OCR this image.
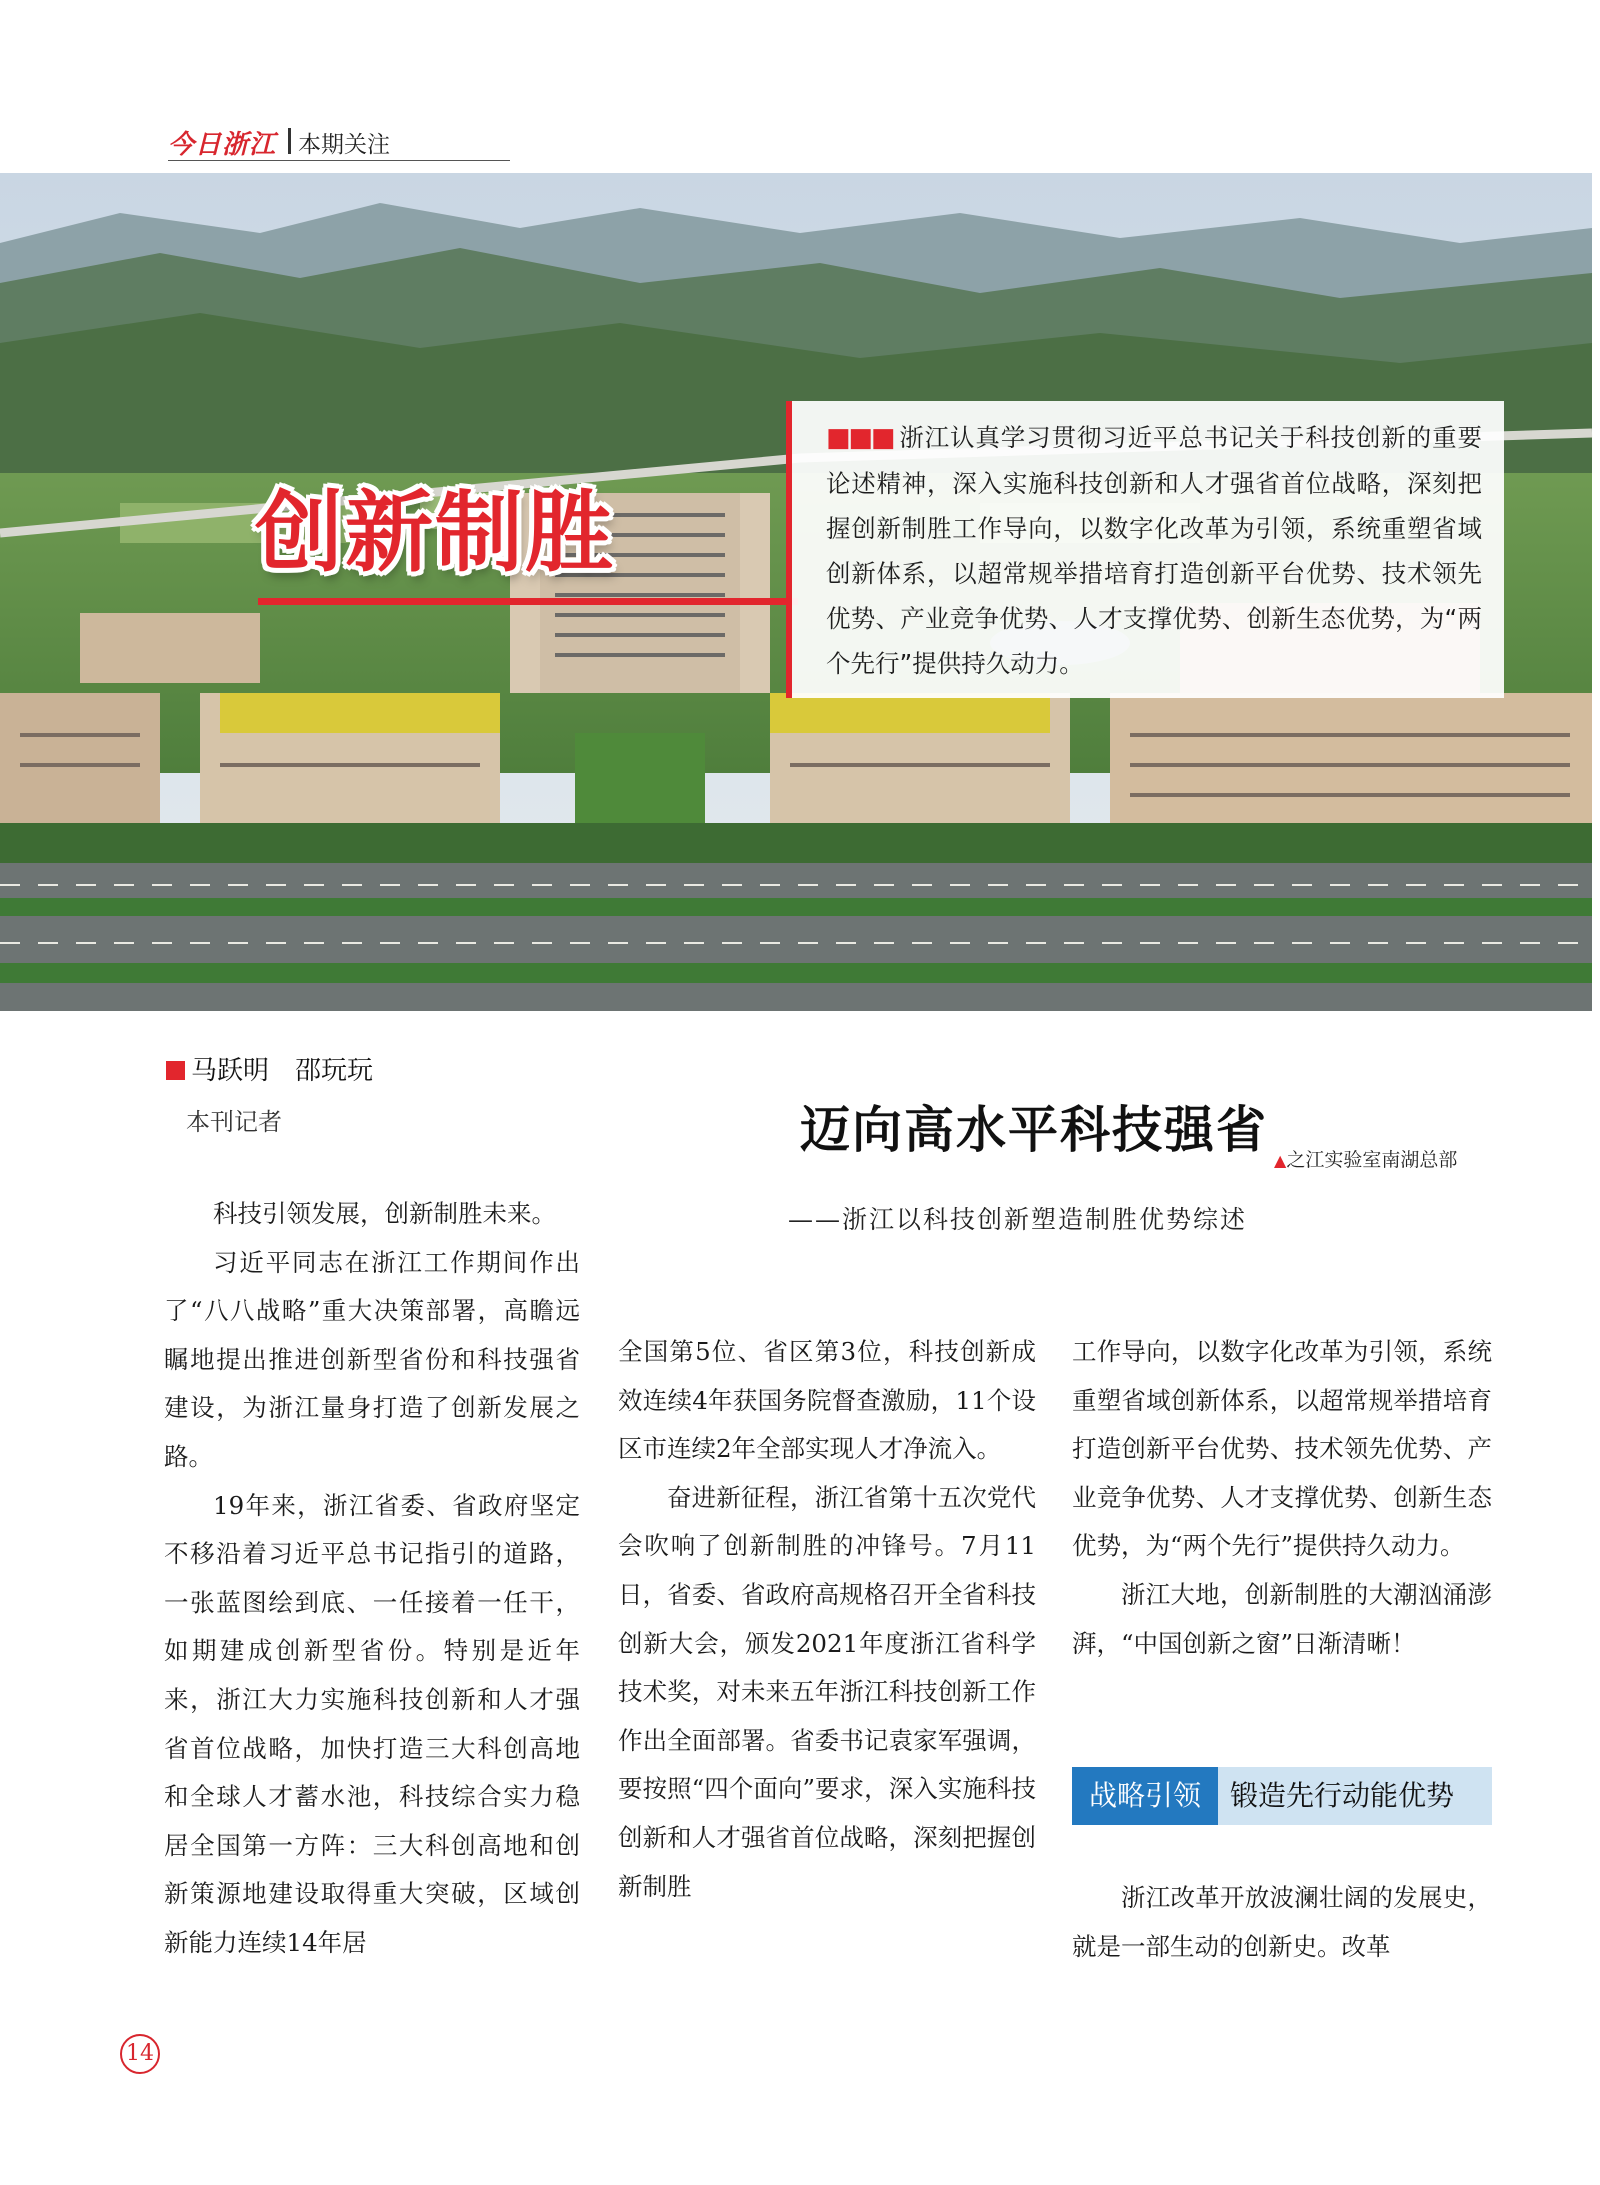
今日浙江 本期关注
创新制胜
■■■ 浙江认真学习贯彻习近平总书记关于科技创新的重要论述精神，深入实施科技创新和人才强省首位战略，深刻把握创新制胜工作导向，以数字化改革为引领，系统重塑省域创新体系，以超常规举措培育打造创新平台优势、技术领先优势、产业竞争优势、人才支撑优势、创新生态优势，为“两个先行”提供持久动力。
▲之江实验室南湖总部
马跃明　邵玩玩
本刊记者	迈向高水平科技强省
——浙江以科技创新塑造制胜优势综述

科技引领发展，创新制胜未来。

习近平同志在浙江工作期间作出了“八八战略”重大决策部署，高瞻远瞩地提出推进创新型省份和科技强省建设，为浙江量身打造了创新发展之路。

19年来，浙江省委、省政府坚定不移沿着习近平总书记指引的道路，一张蓝图绘到底、一任接着一任干，如期建成创新型省份。特别是近年来，浙江大力实施科技创新和人才强省首位战略，加快打造三大科创高地和全球人才蓄水池，科技综合实力稳居全国第一方阵：三大科创高地和创新策源地建设取得重大突破，区域创新能力连续14年居

全国第5位、省区第3位，科技创新成效连续4年获国务院督查激励，11个设区市连续2年全部实现人才净流入。

奋进新征程，浙江省第十五次党代会吹响了创新制胜的冲锋号。7月11日，省委、省政府高规格召开全省科技创新大会，颁发2021年度浙江省科学技术奖，对未来五年浙江科技创新工作作出全面部署。省委书记袁家军强调，要按照“四个面向”要求，深入实施科技创新和人才强省首位战略，深刻把握创新制胜

工作导向，以数字化改革为引领，系统重塑省域创新体系，以超常规举措培育打造创新平台优势、技术领先优势、产业竞争优势、人才支撑优势、创新生态优势，为“两个先行”提供持久动力。

浙江大地，创新制胜的大潮汹涌澎湃，“中国创新之窗”日渐清晰！

战略引领	锻造先行动能优势

浙江改革开放波澜壮阔的发展史，就是一部生动的创新史。改革

14
